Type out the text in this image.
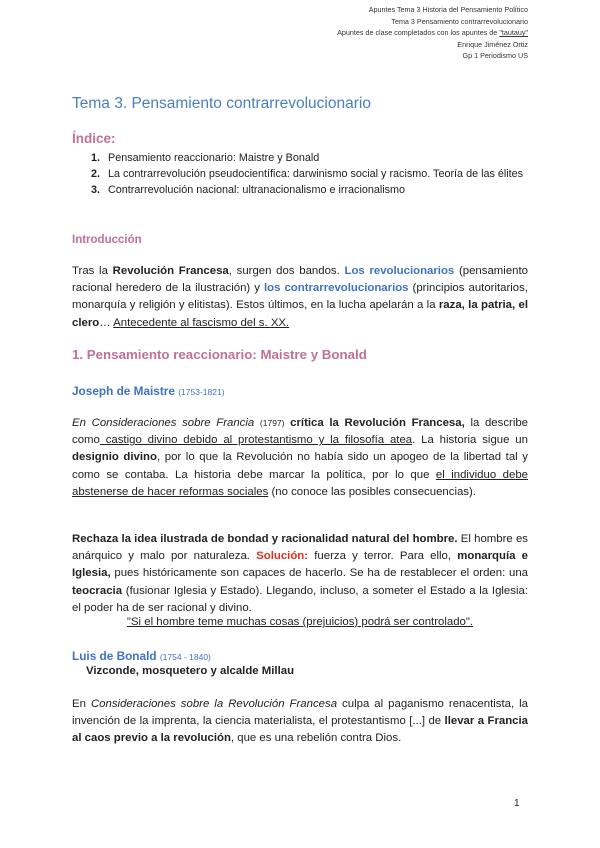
Apuntes Tema 3 Historia del Pensamiento Político
Tema 3 Pensamiento contrarrevolucionario
Apuntes de clase completados con los apuntes de "tautauy"
Enrique Jiménez Ortiz
Gp 1 Periodismo US
Tema 3. Pensamiento contrarrevolucionario
Índice:
1. Pensamiento reaccionario: Maistre y Bonald
2. La contrarrevolución pseudocientífica: darwinismo social y racismo. Teoría de las élites
3. Contrarrevolución nacional: ultranacionalismo e irracionalismo
Introducción
Tras la Revolución Francesa, surgen dos bandos. Los revolucionarios (pensamiento racional heredero de la ilustración) y los contrarrevolucionarios (principios autoritarios, monarquía y religión y elitistas). Estos últimos, en la lucha apelarán a la raza, la patria, el clero… Antecedente al fascismo del s. XX.
1. Pensamiento reaccionario: Maistre y Bonald
Joseph de Maistre (1753-1821)
En Consideraciones sobre Francia (1797) crítica la Revolución Francesa, la describe como castigo divino debido al protestantismo y la filosofía atea. La historia sigue un designio divino, por lo que la Revolución no había sido un apogeo de la libertad tal y como se contaba. La historia debe marcar la política, por lo que el individuo debe abstenerse de hacer reformas sociales (no conoce las posibles consecuencias).
Rechaza la idea ilustrada de bondad y racionalidad natural del hombre. El hombre es anárquico y malo por naturaleza. Solución: fuerza y terror. Para ello, monarquía e Iglesia, pues históricamente son capaces de hacerlo. Se ha de restablecer el orden: una teocracia (fusionar Iglesia y Estado). Llegando, incluso, a someter el Estado a la Iglesia: el poder ha de ser racional y divino.
"Si el hombre teme muchas cosas (prejuicios) podrá ser controlado".
Luis de Bonald (1754 - 1840)
Vizconde, mosquetero y alcalde Millau
En Consideraciones sobre la Revolución Francesa culpa al paganismo renacentista, la invención de la imprenta, la ciencia materialista, el protestantismo [...] de llevar a Francia al caos previo a la revolución, que es una rebelión contra Dios.
1
